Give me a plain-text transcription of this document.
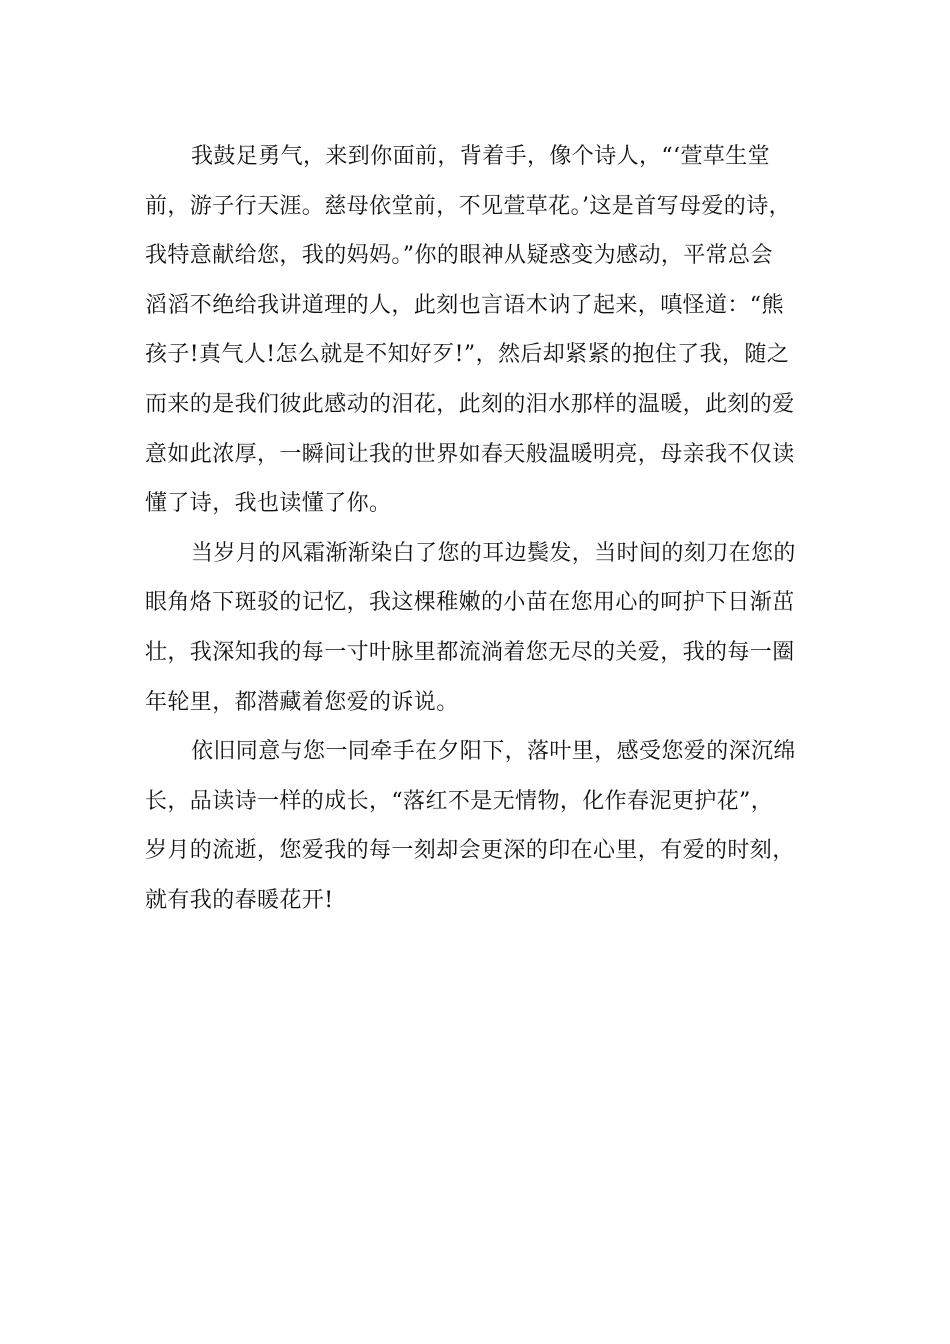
我鼓足勇气，来到你面前，背着手，像个诗人，“‘萱草生堂
前，游子行天涯。慈母依堂前，不见萱草花。’这是首写母爱的诗，
我特意献给您，我的妈妈。”你的眼神从疑惑变为感动，平常总会
滔滔不绝给我讲道理的人，此刻也言语木讷了起来，嗔怪道：“熊
孩子!真气人!怎么就是不知好歹!”，然后却紧紧的抱住了我，随之
而来的是我们彼此感动的泪花，此刻的泪水那样的温暖，此刻的爱
意如此浓厚，一瞬间让我的世界如春天般温暖明亮，母亲我不仅读
懂了诗，我也读懂了你。
当岁月的风霜渐渐染白了您的耳边鬓发，当时间的刻刀在您的
眼角烙下斑驳的记忆，我这棵稚嫩的小苗在您用心的呵护下日渐茁
壮，我深知我的每一寸叶脉里都流淌着您无尽的关爱，我的每一圈
年轮里，都潜藏着您爱的诉说。
依旧同意与您一同牵手在夕阳下，落叶里，感受您爱的深沉绵
长，品读诗一样的成长，“落红不是无情物，化作春泥更护花”，
岁月的流逝，您爱我的每一刻却会更深的印在心里，有爱的时刻，
就有我的春暖花开!
